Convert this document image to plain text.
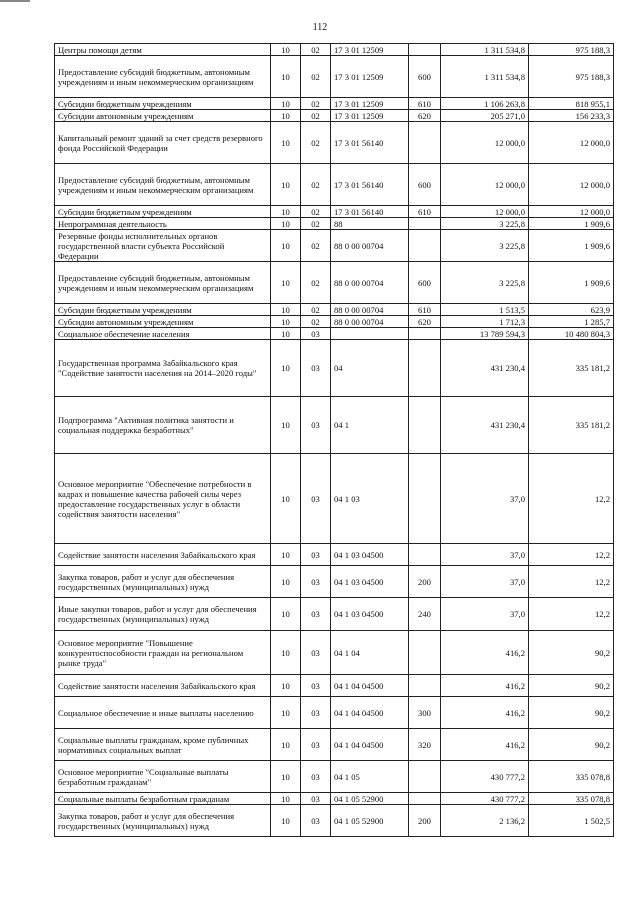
112
Центры помощи детям	10	02	17 3 01 12509		1 311 534,8	975 188,3
Предоставление субсидий бюджетным, автономным учреждениям и иным некоммерческим организациям	10	02	17 3 01 12509	600	1 311 534,8	975 188,3
Субсидии бюджетным учреждениям	10	02	17 3 01 12509	610	1 106 263,8	818 955,1
Субсидии автономным учреждениям	10	02	17 3 01 12509	620	205 271,0	156 233,3
Капитальный ремонт зданий за счет средств резервного фонда Российской Федерации	10	02	17 3 01 56140		12 000,0	12 000,0
Предоставление субсидий бюджетным, автономным учреждениям и иным некоммерческим организациям	10	02	17 3 01 56140	600	12 000,0	12 000,0
Субсидии бюджетным учреждениям	10	02	17 3 01 56140	610	12 000,0	12 000,0
Непрограммная деятельность	10	02	88		3 225,8	1 909,6
Резервные фонды исполнительных органов государственной власти субъекта Российской Федерации	10	02	88 0 00 00704		3 225,8	1 909,6
Предоставление субсидий бюджетным, автономным учреждениям и иным некоммерческим организациям	10	02	88 0 00 00704	600	3 225,8	1 909,6
Субсидии бюджетным учреждениям	10	02	88 0 00 00704	610	1 513,5	623,9
Субсидии автономным учреждениям	10	02	88 0 00 00704	620	1 712,3	1 285,7
Социальное обеспечение населения	10	03			13 789 594,3	10 480 804,3
Государственная программа Забайкальского края "Содействие занятости населения на 2014–2020 годы"	10	03	04		431 230,4	335 181,2
Подпрограмма "Активная политика занятости и социальная поддержка безработных"	10	03	04 1		431 230,4	335 181,2
Основное мероприятие "Обеспечение потребности в кадрах и повышение качества рабочей силы через предоставление государственных услуг в области содействия занятости населения"	10	03	04 1 03		37,0	12,2
Содействие занятости населения Забайкальского края	10	03	04 1 03 04500		37,0	12,2
Закупка товаров, работ и услуг для обеспечения государственных (муниципальных) нужд	10	03	04 1 03 04500	200	37,0	12,2
Иные закупки товаров, работ и услуг для обеспечения государственных (муниципальных) нужд	10	03	04 1 03 04500	240	37,0	12,2
Основное мероприятие "Повышение конкурентоспособности граждан на региональном рынке труда"	10	03	04 1 04		416,2	90,2
Содействие занятости населения Забайкальского края	10	03	04 1 04 04500		416,2	90,2
Социальное обеспечение и иные выплаты населению	10	03	04 1 04 04500	300	416,2	90,2
Социальные выплаты гражданам, кроме публичных нормативных социальных выплат	10	03	04 1 04 04500	320	416,2	90,2
Основное мероприятие "Социальные выплаты безработным гражданам"	10	03	04 1 05		430 777,2	335 078,8
Социальные выплаты безработным гражданам	10	03	04 1 05 52900		430 777,2	335 078,8
Закупка товаров, работ и услуг для обеспечения государственных (муниципальных) нужд	10	03	04 1 05 52900	200	2 136,2	1 502,5
